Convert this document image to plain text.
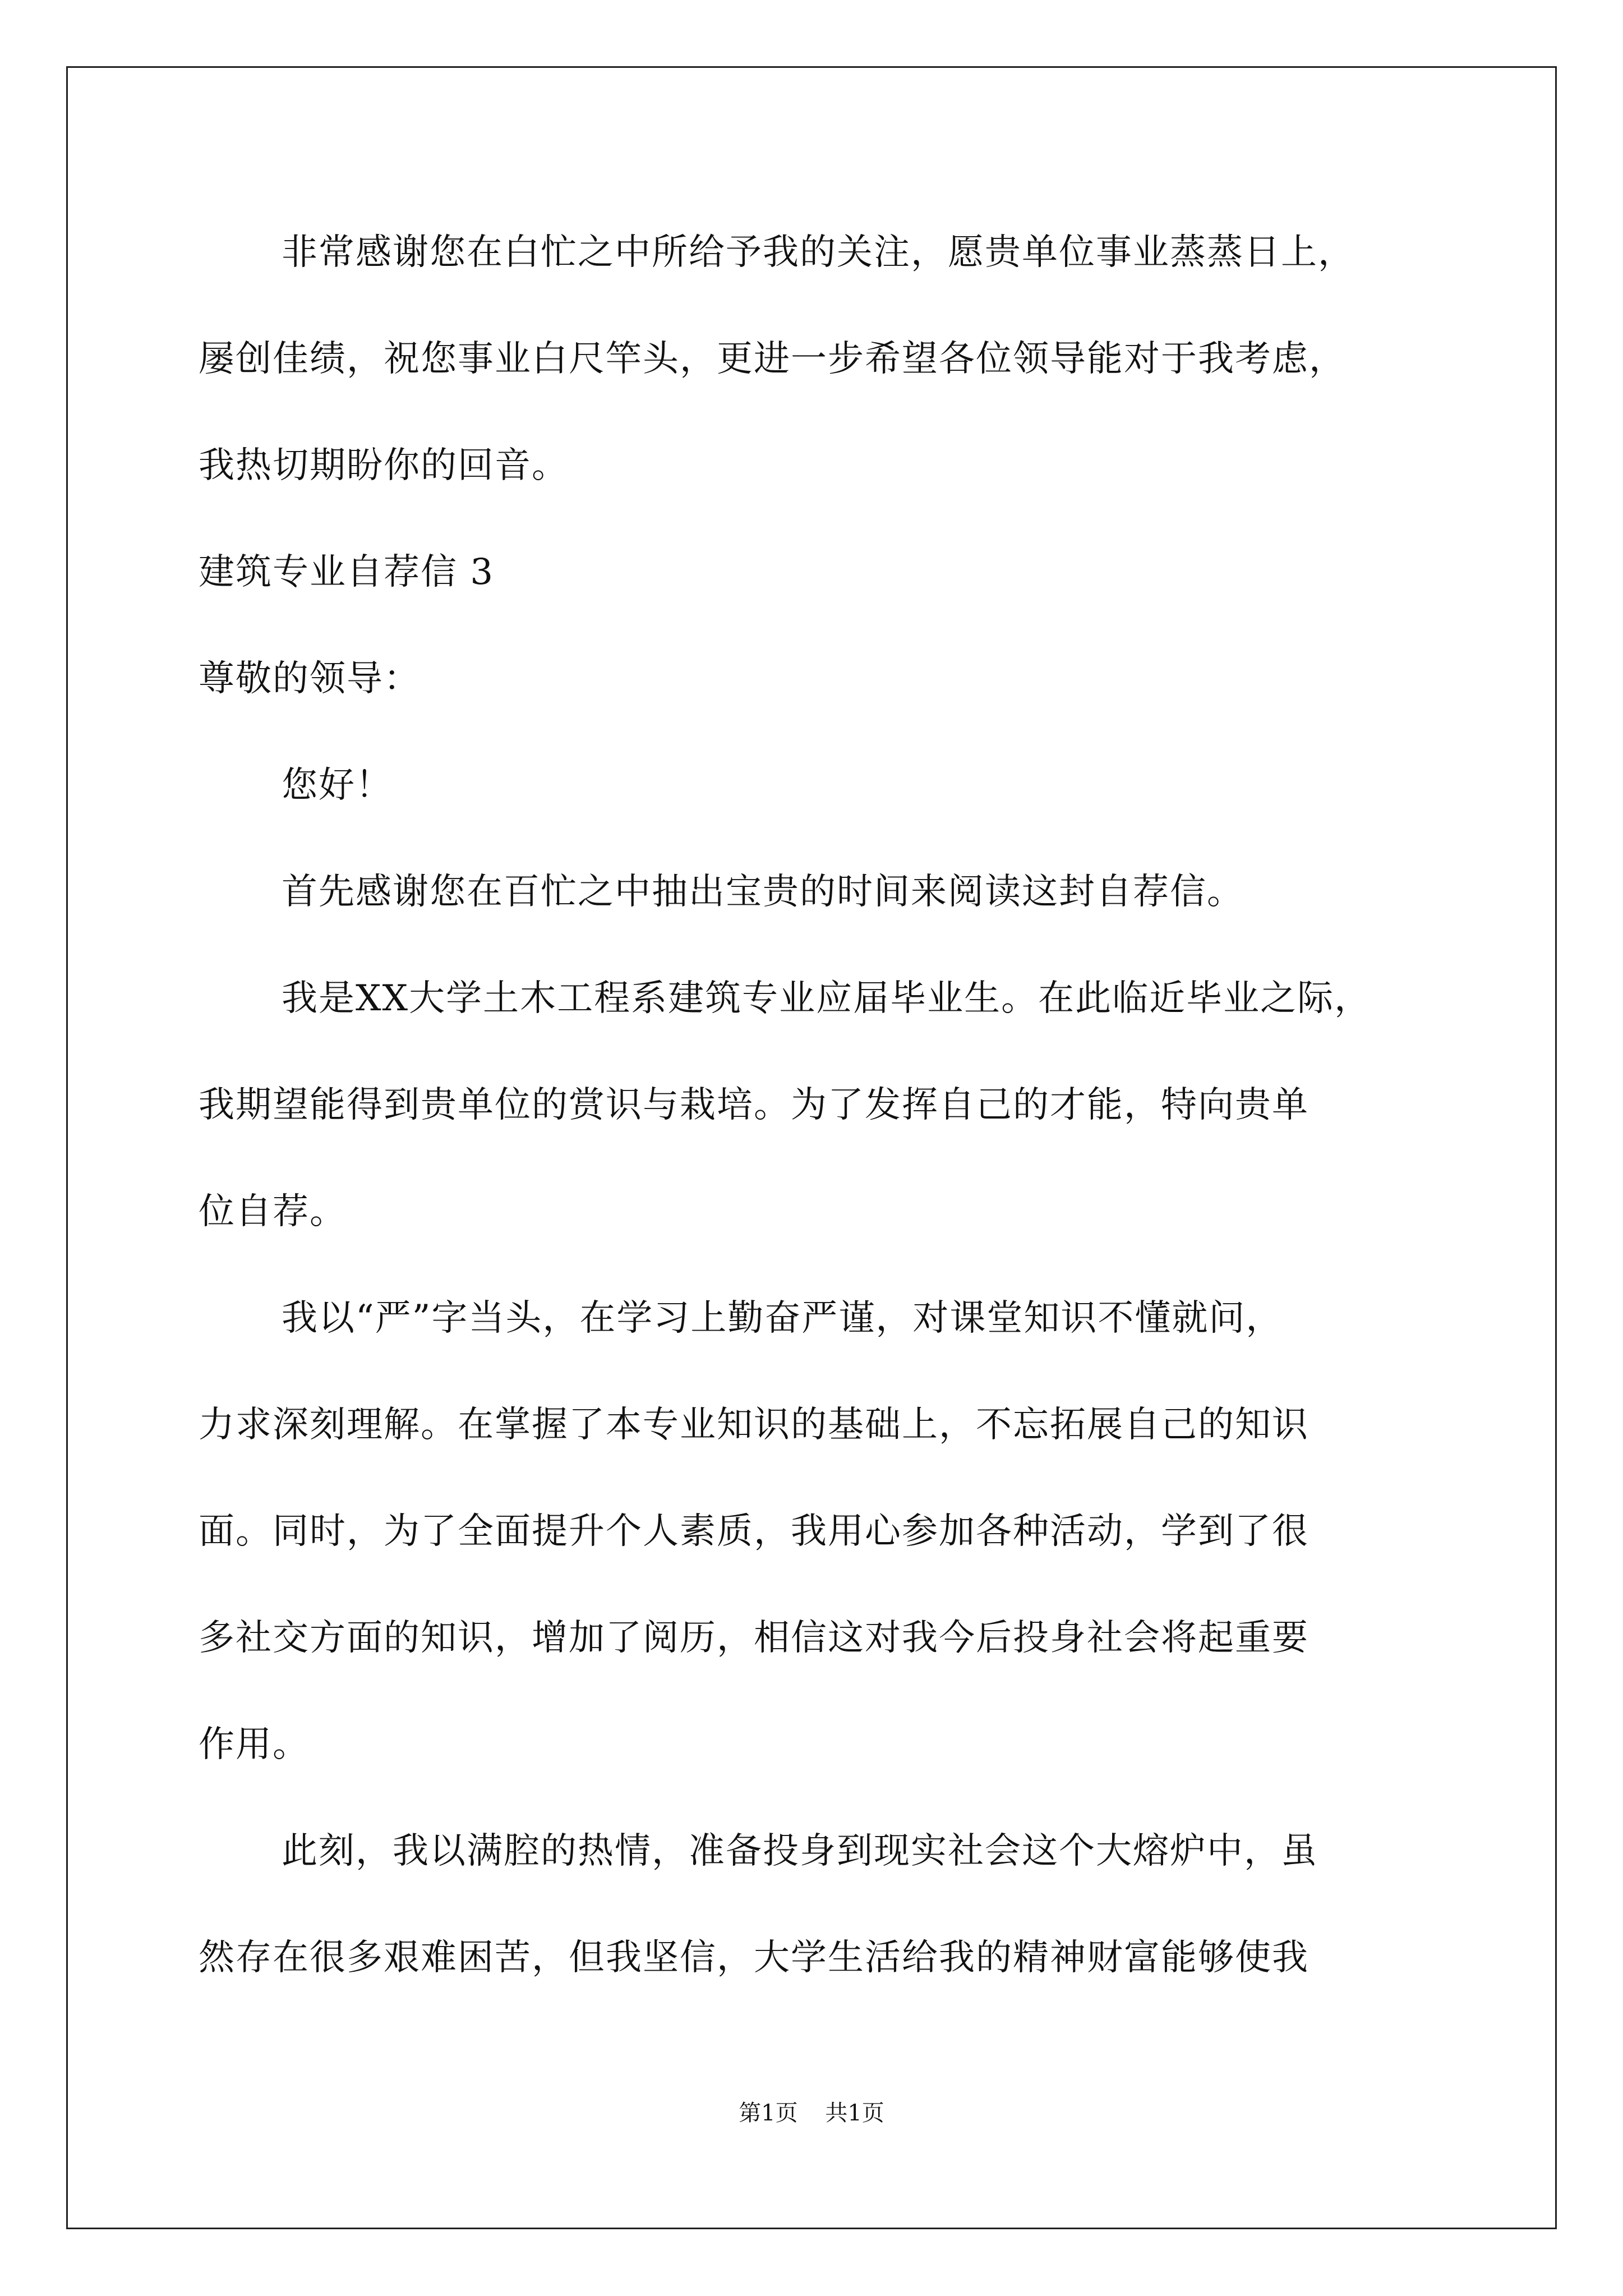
非常感谢您在白忙之中所给予我的关注，愿贵单位事业蒸蒸日上，
屡创佳绩，祝您事业白尺竿头，更进一步希望各位领导能对于我考虑，
我热切期盼你的回音。
建筑专业自荐信 3
尊敬的领导：
您好！
首先感谢您在百忙之中抽出宝贵的时间来阅读这封自荐信。
我是XX大学土木工程系建筑专业应届毕业生。在此临近毕业之际，
我期望能得到贵单位的赏识与栽培。为了发挥自己的才能，特向贵单
位自荐。
我以“严”字当头，在学习上勤奋严谨，对课堂知识不懂就问，
力求深刻理解。在掌握了本专业知识的基础上，不忘拓展自己的知识
面。同时，为了全面提升个人素质，我用心参加各种活动，学到了很
多社交方面的知识，增加了阅历，相信这对我今后投身社会将起重要
作用。
此刻，我以满腔的热情，准备投身到现实社会这个大熔炉中，虽
然存在很多艰难困苦，但我坚信，大学生活给我的精神财富能够使我
第1页 共1页
